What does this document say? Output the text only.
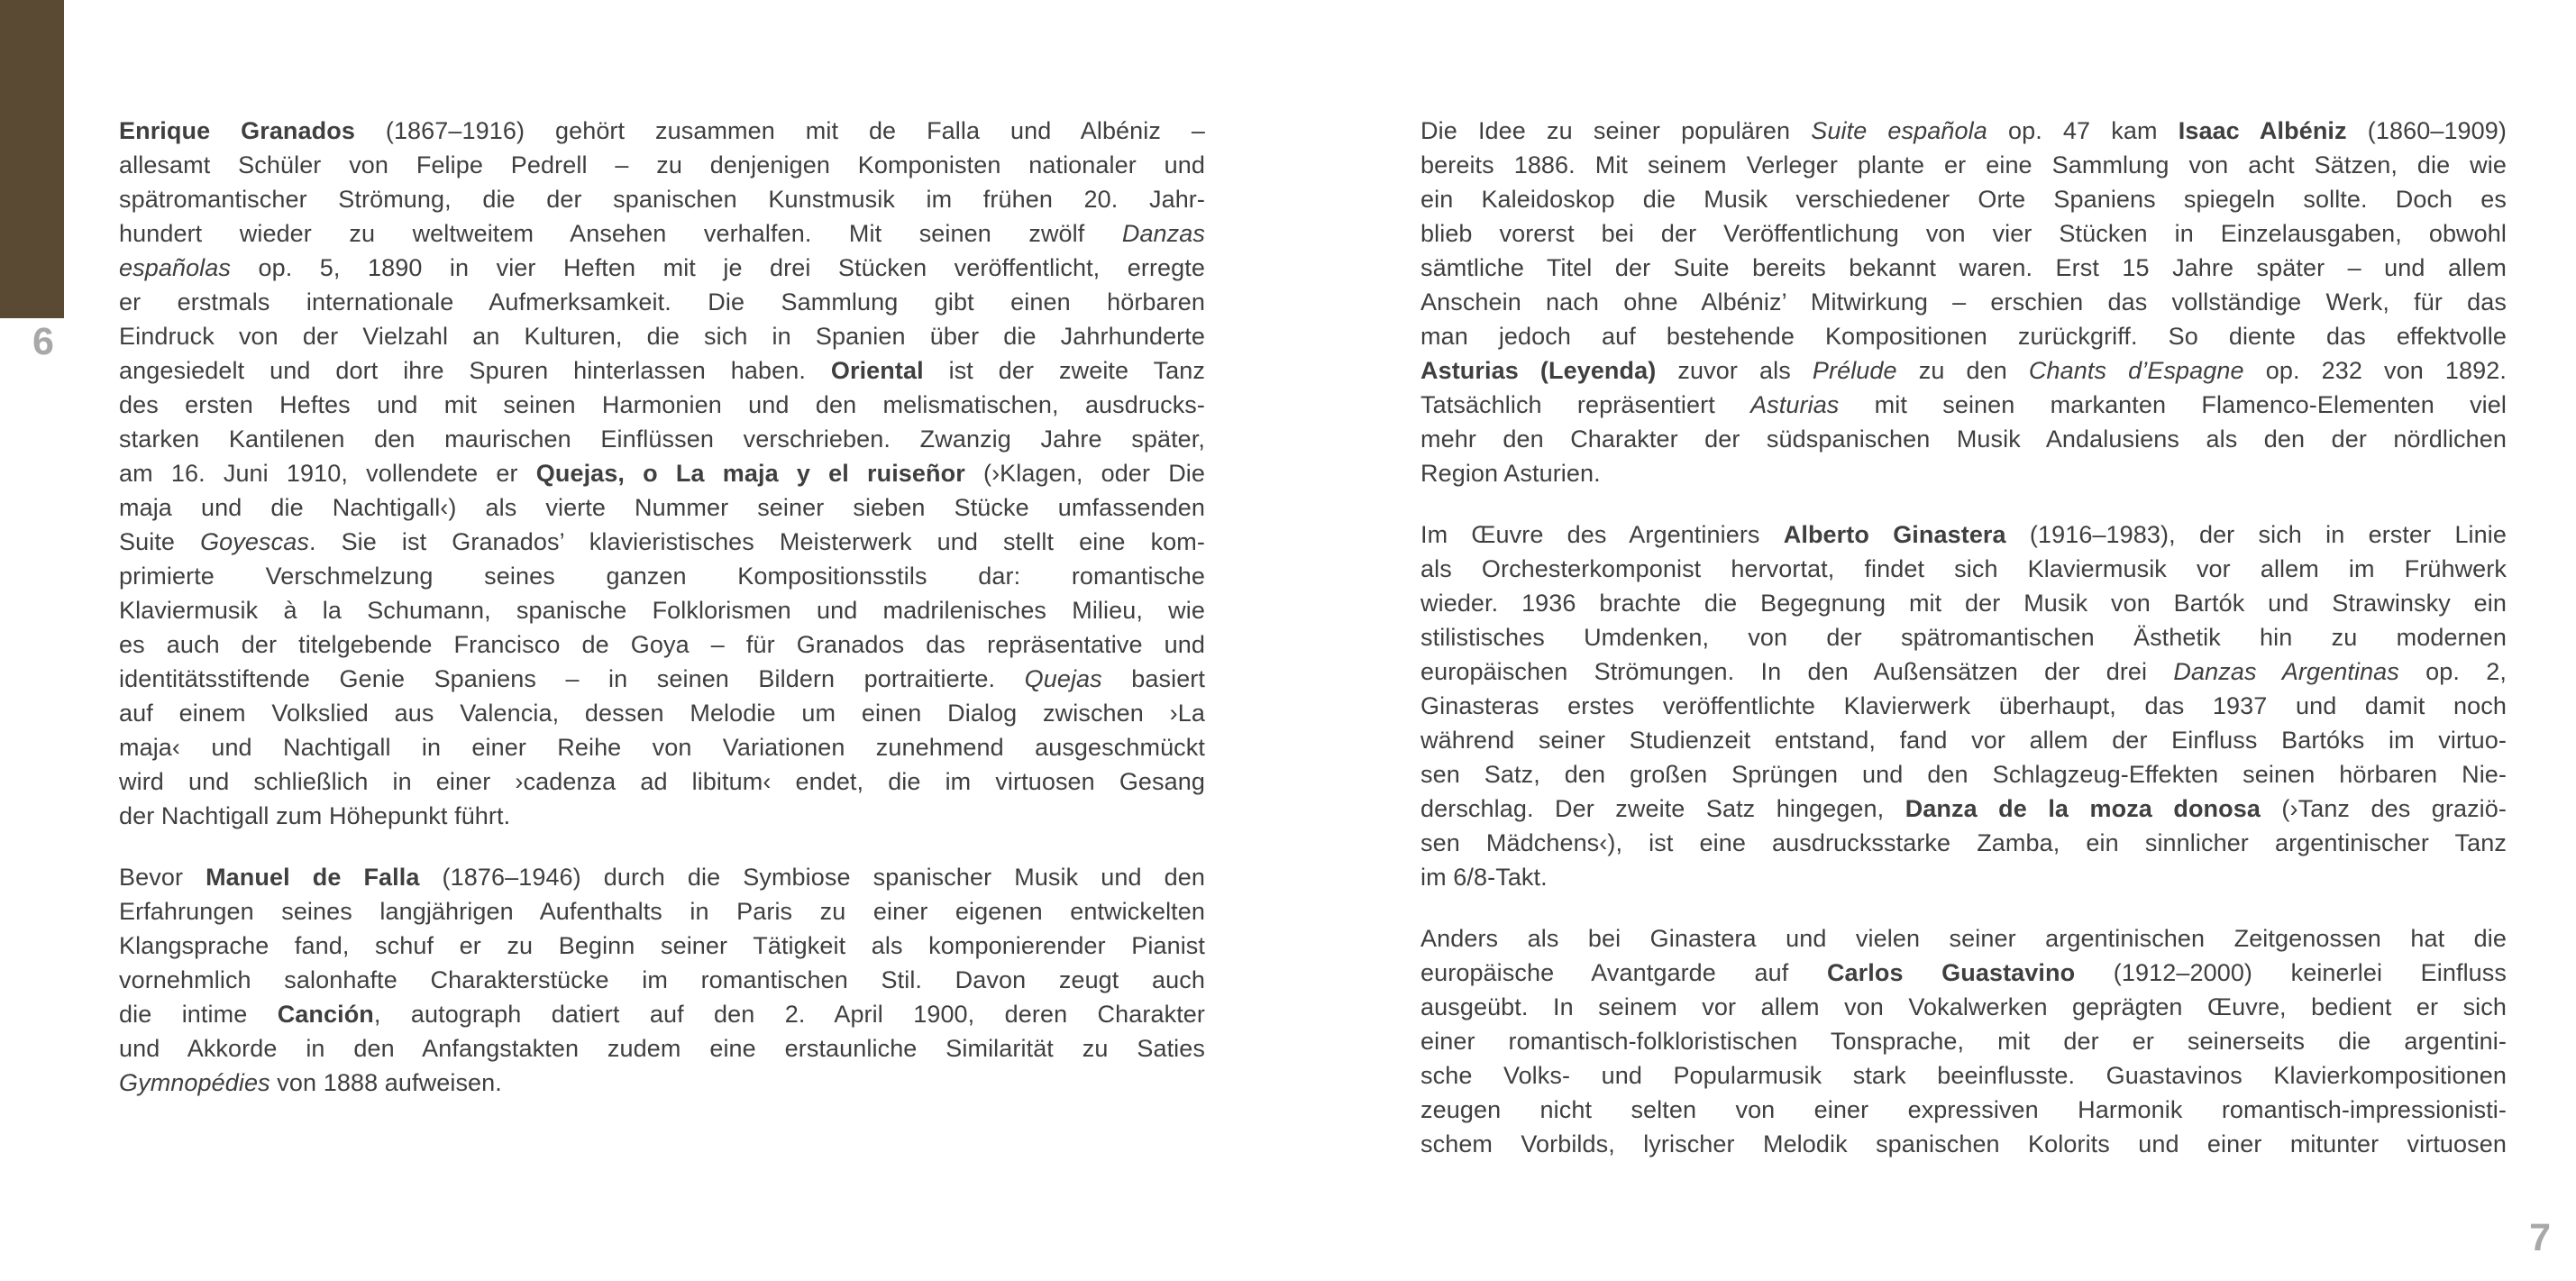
6
Enrique Granados (1867–1916) gehört zusammen mit de Falla und Albéniz –
allesamt Schüler von Felipe Pedrell – zu denjenigen Komponisten nationaler und
spätromantischer Strömung, die der spanischen Kunstmusik im frühen 20. Jahr-
hundert wieder zu weltweitem Ansehen verhalfen. Mit seinen zwölf Danzas
españolas op. 5, 1890 in vier Heften mit je drei Stücken veröffentlicht, erregte
er erstmals internationale Aufmerksamkeit. Die Sammlung gibt einen hörbaren
Eindruck von der Vielzahl an Kulturen, die sich in Spanien über die Jahrhunderte
angesiedelt und dort ihre Spuren hinterlassen haben. Oriental ist der zweite Tanz
des ersten Heftes und mit seinen Harmonien und den melismatischen, ausdrucks-
starken Kantilenen den maurischen Einflüssen verschrieben. Zwanzig Jahre später,
am 16. Juni 1910, vollendete er Quejas, o La maja y el ruiseñor (›Klagen, oder Die
maja und die Nachtigall‹) als vierte Nummer seiner sieben Stücke umfassenden
Suite Goyescas. Sie ist Granados’ klavieristisches Meisterwerk und stellt eine kom-
primierte Verschmelzung seines ganzen Kompositionsstils dar: romantische
Klaviermusik à la Schumann, spanische Folklorismen und madrilenisches Milieu, wie
es auch der titelgebende Francisco de Goya – für Granados das repräsentative und
identitätsstiftende Genie Spaniens – in seinen Bildern portraitierte. Quejas basiert
auf einem Volkslied aus Valencia, dessen Melodie um einen Dialog zwischen ›La
maja‹ und Nachtigall in einer Reihe von Variationen zunehmend ausgeschmückt
wird und schließlich in einer ›cadenza ad libitum‹ endet, die im virtuosen Gesang
der Nachtigall zum Höhepunkt führt.
Bevor Manuel de Falla (1876–1946) durch die Symbiose spanischer Musik und den
Erfahrungen seines langjährigen Aufenthalts in Paris zu einer eigenen entwickelten
Klangsprache fand, schuf er zu Beginn seiner Tätigkeit als komponierender Pianist
vornehmlich salonhafte Charakterstücke im romantischen Stil. Davon zeugt auch
die intime Canción, autograph datiert auf den 2. April 1900, deren Charakter
und Akkorde in den Anfangstakten zudem eine erstaunliche Similarität zu Saties
Gymnopédies von 1888 aufweisen.
Die Idee zu seiner populären Suite española op. 47 kam Isaac Albéniz (1860–1909)
bereits 1886. Mit seinem Verleger plante er eine Sammlung von acht Sätzen, die wie
ein Kaleidoskop die Musik verschiedener Orte Spaniens spiegeln sollte. Doch es
blieb vorerst bei der Veröffentlichung von vier Stücken in Einzelausgaben, obwohl
sämtliche Titel der Suite bereits bekannt waren. Erst 15 Jahre später – und allem
Anschein nach ohne Albéniz’ Mitwirkung – erschien das vollständige Werk, für das
man jedoch auf bestehende Kompositionen zurückgriff. So diente das effektvolle
Asturias (Leyenda) zuvor als Prélude zu den Chants d’Espagne op. 232 von 1892.
Tatsächlich repräsentiert Asturias mit seinen markanten Flamenco-Elementen viel
mehr den Charakter der südspanischen Musik Andalusiens als den der nördlichen
Region Asturien.
Im Œuvre des Argentiniers Alberto Ginastera (1916–1983), der sich in erster Linie
als Orchesterkomponist hervortat, findet sich Klaviermusik vor allem im Frühwerk
wieder. 1936 brachte die Begegnung mit der Musik von Bartók und Strawinsky ein
stilistisches Umdenken, von der spätromantischen Ästhetik hin zu modernen
europäischen Strömungen. In den Außensätzen der drei Danzas Argentinas op. 2,
Ginasteras erstes veröffentlichte Klavierwerk überhaupt, das 1937 und damit noch
während seiner Studienzeit entstand, fand vor allem der Einfluss Bartóks im virtuo-
sen Satz, den großen Sprüngen und den Schlagzeug-Effekten seinen hörbaren Nie-
derschlag. Der zweite Satz hingegen, Danza de la moza donosa (›Tanz des graziö-
sen Mädchens‹), ist eine ausdrucksstarke Zamba, ein sinnlicher argentinischer Tanz
im 6/8-Takt.
Anders als bei Ginastera und vielen seiner argentinischen Zeitgenossen hat die
europäische Avantgarde auf Carlos Guastavino (1912–2000) keinerlei Einfluss
ausgeübt. In seinem vor allem von Vokalwerken geprägten Œuvre, bedient er sich
einer romantisch-folkloristischen Tonsprache, mit der er seinerseits die argentini-
sche Volks- und Popularmusik stark beeinflusste. Guastavinos Klavierkompositionen
zeugen nicht selten von einer expressiven Harmonik romantisch-impressionisti-
schem Vorbilds, lyrischer Melodik spanischen Kolorits und einer mitunter virtuosen
7
